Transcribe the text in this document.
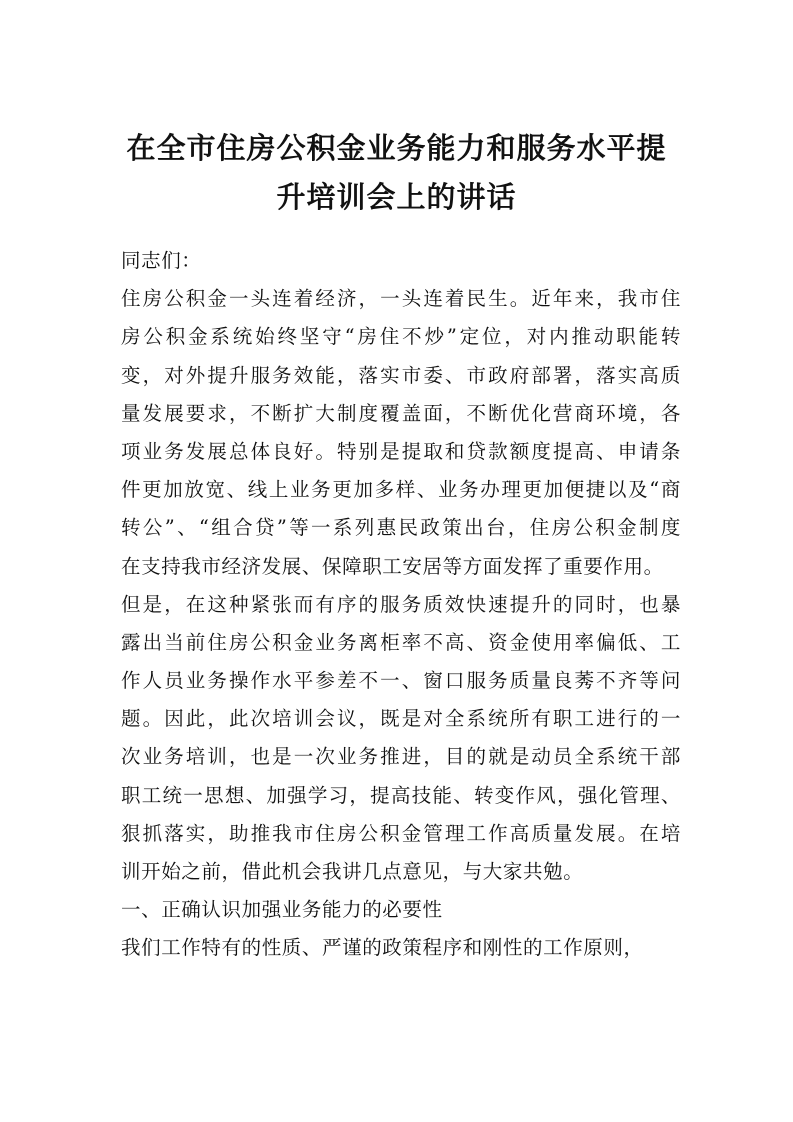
在全市住房公积金业务能力和服务水平提
升培训会上的讲话
同志们：
住房公积金一头连着经济，一头连着民生。近年来，我市住
房公积金系统始终坚守“房住不炒”定位，对内推动职能转
变，对外提升服务效能，落实市委、市政府部署，落实高质
量发展要求，不断扩大制度覆盖面，不断优化营商环境，各
项业务发展总体良好。特别是提取和贷款额度提高、申请条
件更加放宽、线上业务更加多样、业务办理更加便捷以及“商
转公”、“组合贷”等一系列惠民政策出台，住房公积金制度
在支持我市经济发展、保障职工安居等方面发挥了重要作用。
但是，在这种紧张而有序的服务质效快速提升的同时，也暴
露出当前住房公积金业务离柜率不高、资金使用率偏低、工
作人员业务操作水平参差不一、窗口服务质量良莠不齐等问
题。因此，此次培训会议，既是对全系统所有职工进行的一
次业务培训，也是一次业务推进，目的就是动员全系统干部
职工统一思想、加强学习，提高技能、转变作风，强化管理、
狠抓落实，助推我市住房公积金管理工作高质量发展。在培
训开始之前，借此机会我讲几点意见，与大家共勉。
一、正确认识加强业务能力的必要性
我们工作特有的性质、严谨的政策程序和刚性的工作原则，
